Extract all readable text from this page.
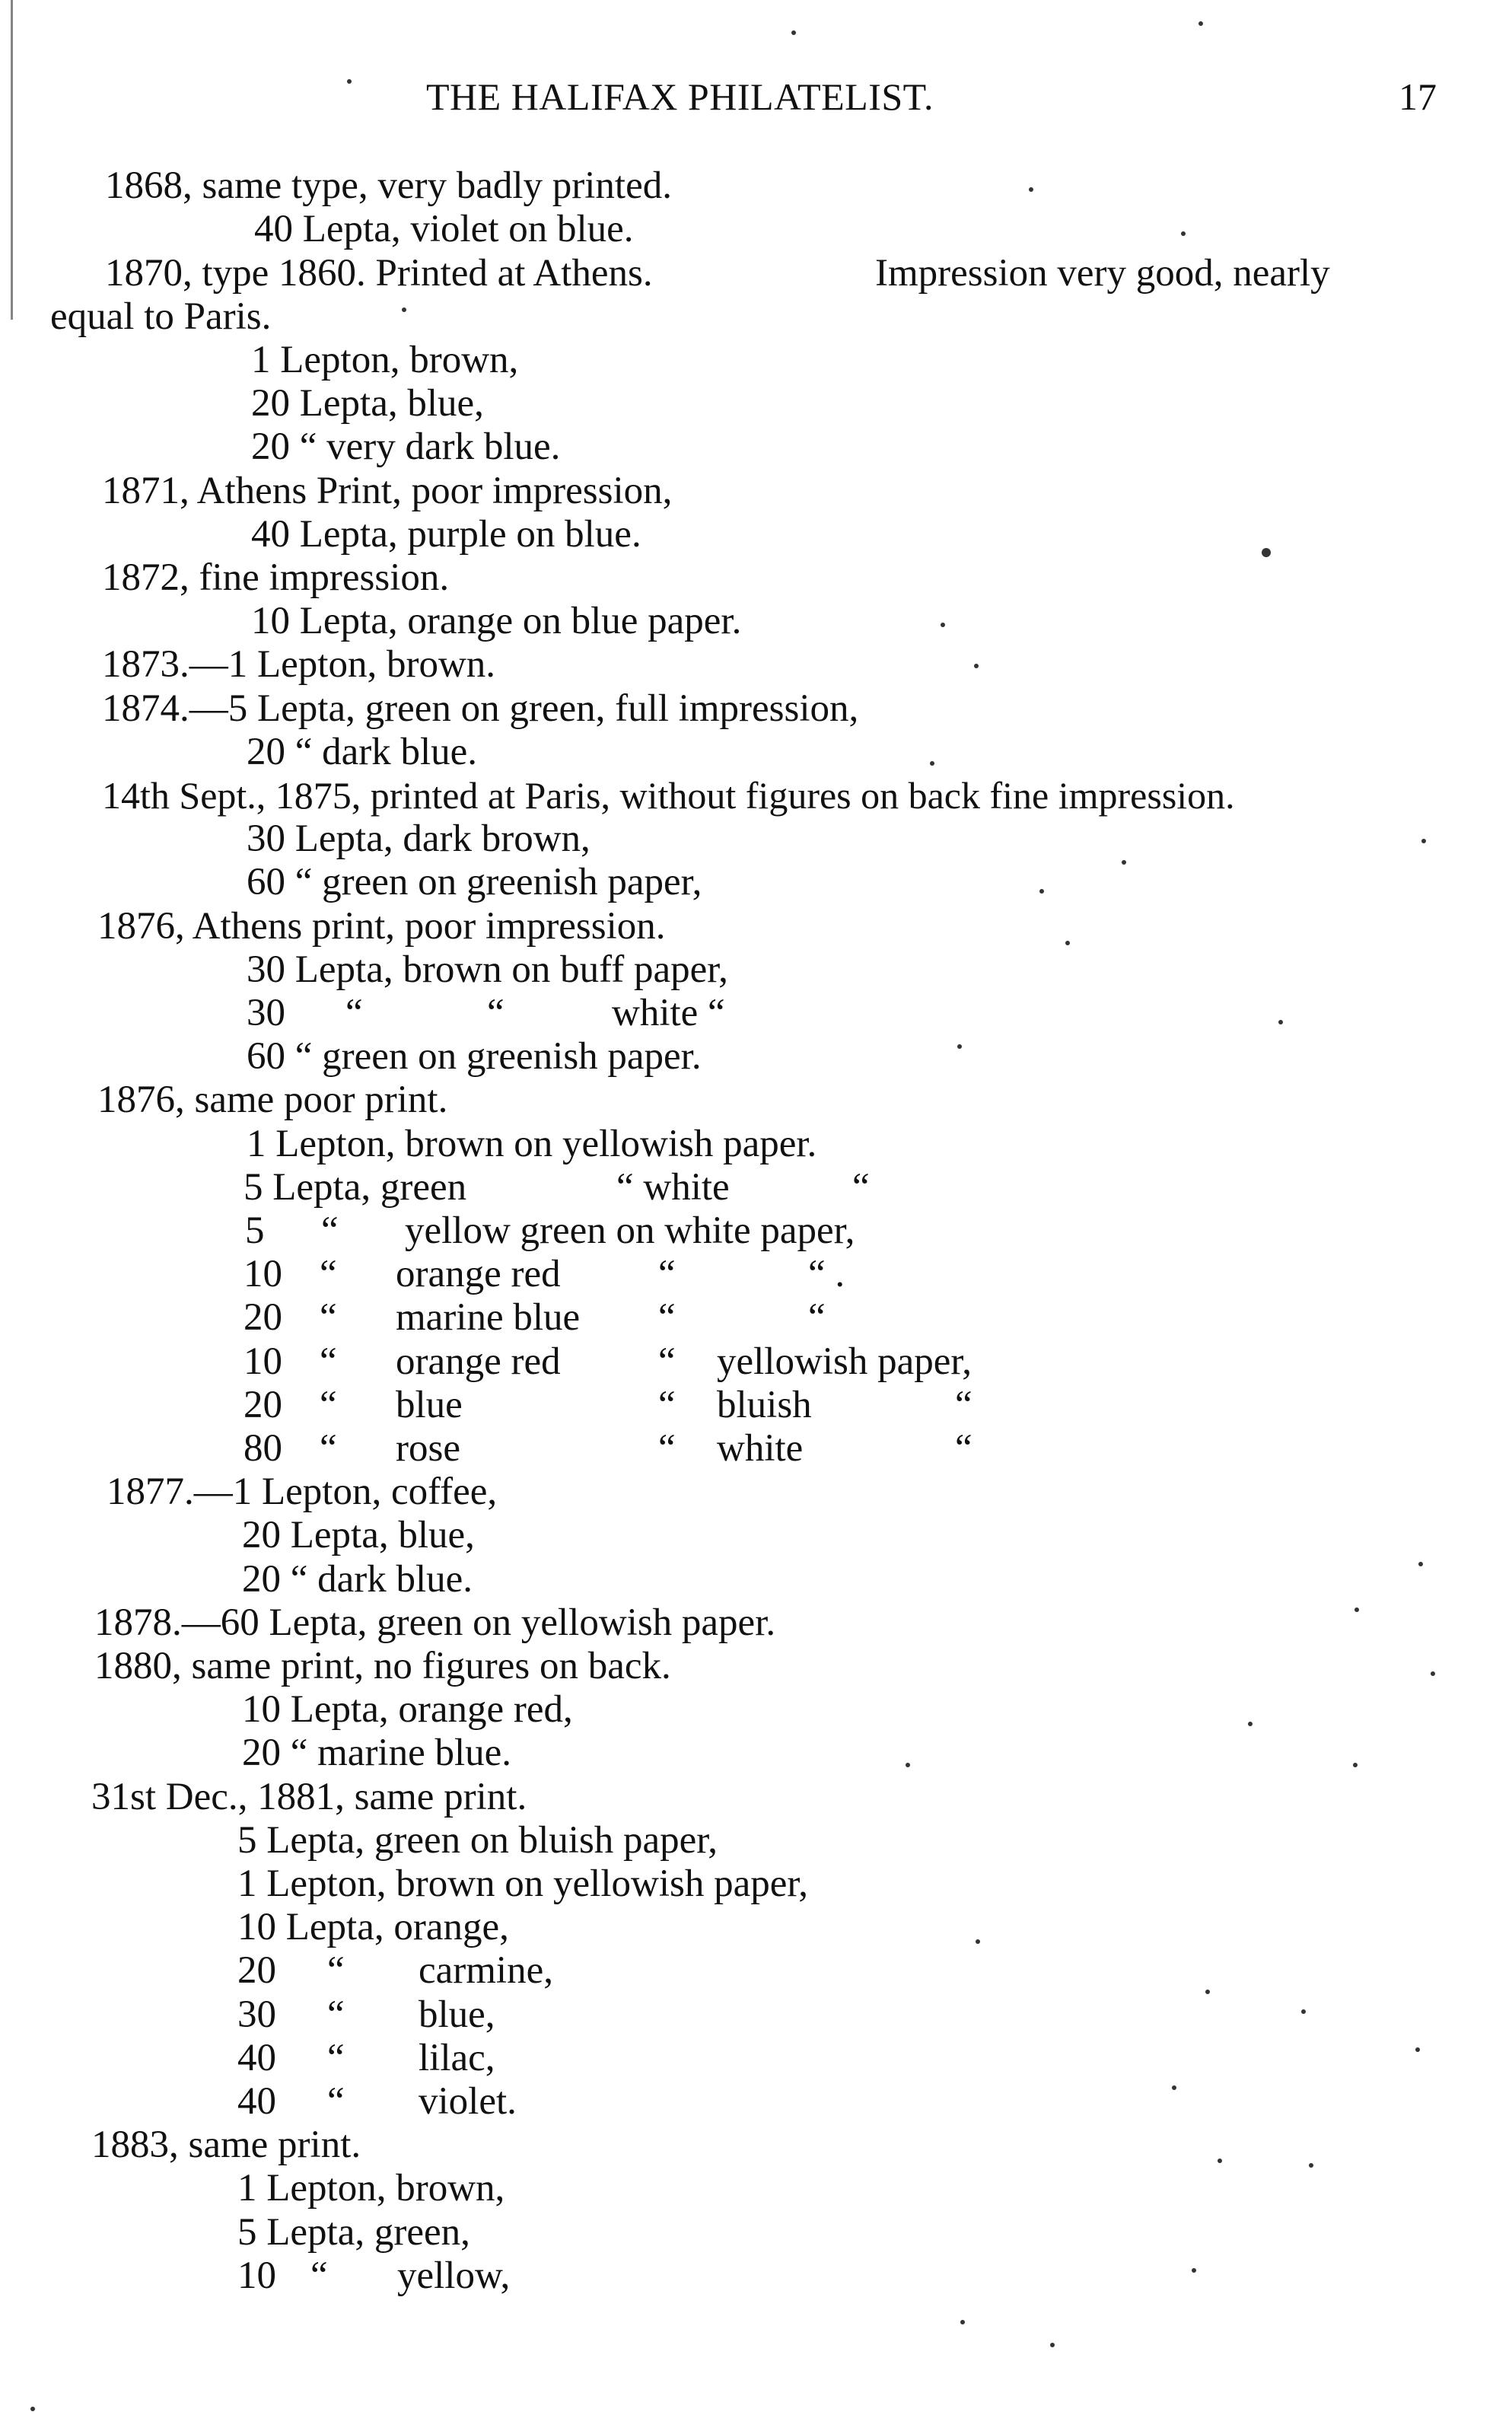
THE HALIFAX PHILATELIST.	17
1868, same type, very badly printed.
40 Lepta, violet on blue.
1870, type 1860. Printed at Athens.	Impression very good, nearly
equal to Paris.
1 Lepton, brown,
20 Lepta, blue,
20 “ very dark blue.
1871, Athens Print, poor impression,
40 Lepta, purple on blue.
1872, fine impression.
10 Lepta, orange on blue paper.
1873.—1 Lepton, brown.
1874.—5 Lepta, green on green, full impression,
20 “ dark blue.
14th Sept., 1875, printed at Paris, without figures on back fine impression.
30 Lepta, dark brown,
60 “ green on greenish paper,
1876, Athens print, poor impression.
30 Lepta, brown on buff paper,
30 “	“	white “
60 “ green on greenish paper.
1876, same poor print.
1 Lepton, brown on yellowish paper.
5 Lepta, green	“ white	“
5 “ yellow green on white paper,
10 “ orange red	“	“ .
20 “ marine blue “	“
10 “ orange red	“ yellowish paper,
20 “ blue	“ bluish	“
80 “ rose	“ white	“
1877.—1 Lepton, coffee,
20 Lepta, blue,
20 “ dark blue.
1878.—60 Lepta, green on yellowish paper.
1880, same print, no figures on back.
10 Lepta, orange red,
20 “ marine blue.
31st Dec., 1881, same print.
5 Lepta, green on bluish paper,
1 Lepton, brown on yellowish paper,
10 Lepta, orange,
20 “ carmine,
30 “ blue,
40 “ lilac,
40 “ violet.
1883, same print.
1 Lepton, brown,
5 Lepta, green,
10 “ yellow,
